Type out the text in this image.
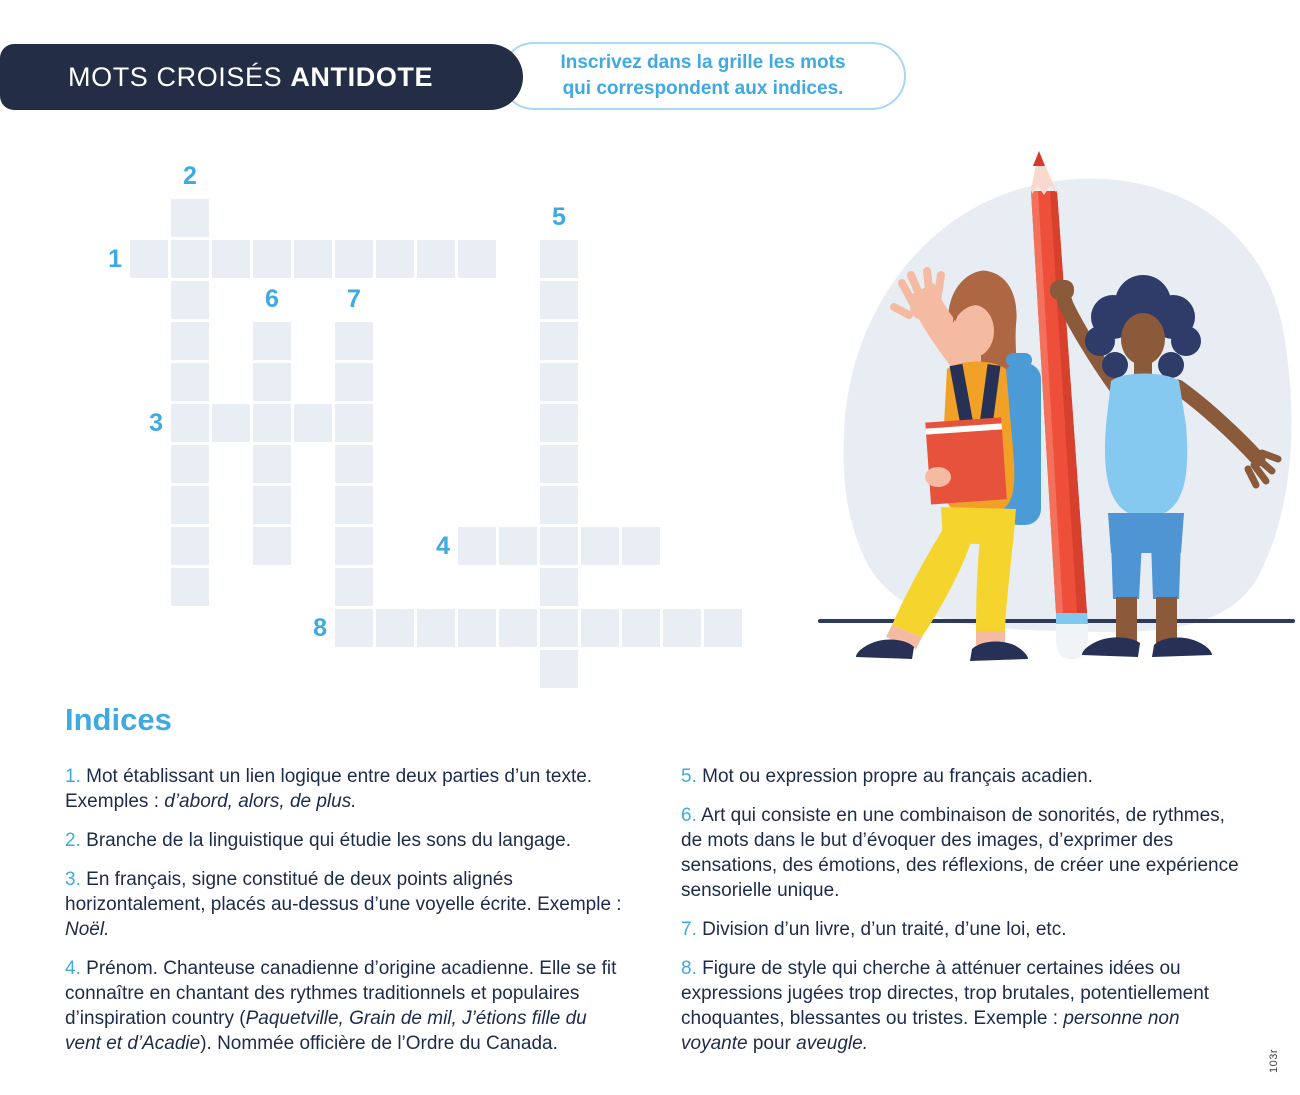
Inscrivez dans la grille les mots
qui correspondent aux indices.
MOTS CROISÉS ANTIDOTE
1
2
3
4
5
6	7
8
Indices

1. Mot établissant un lien logique entre deux parties d’un texte. Exemples : d’abord, alors, de plus.

2. Branche de la linguistique qui étudie les sons du langage.

3. En français, signe constitué de deux points alignés horizontalement, placés au-dessus d’une voyelle écrite. Exemple : Noël.

4. Prénom. Chanteuse canadienne d’origine acadienne. Elle se fit connaître en chantant des rythmes traditionnels et populaires d’inspiration country (Paquetville, Grain de mil, J’étions fille du vent et d’Acadie). Nommée officière de l’Ordre du Canada.

5. Mot ou expression propre au français acadien.

6. Art qui consiste en une combinaison de sonorités, de rythmes, de mots dans le but d’évoquer des images, d’exprimer des sensations, des émotions, des réflexions, de créer une expérience sensorielle unique.

7. Division d’un livre, d’un traité, d’une loi, etc.

8. Figure de style qui cherche à atténuer certaines idées ou expressions jugées trop directes, trop brutales, potentiellement choquantes, blessantes ou tristes. Exemple : personne non voyante pour aveugle.

103r
